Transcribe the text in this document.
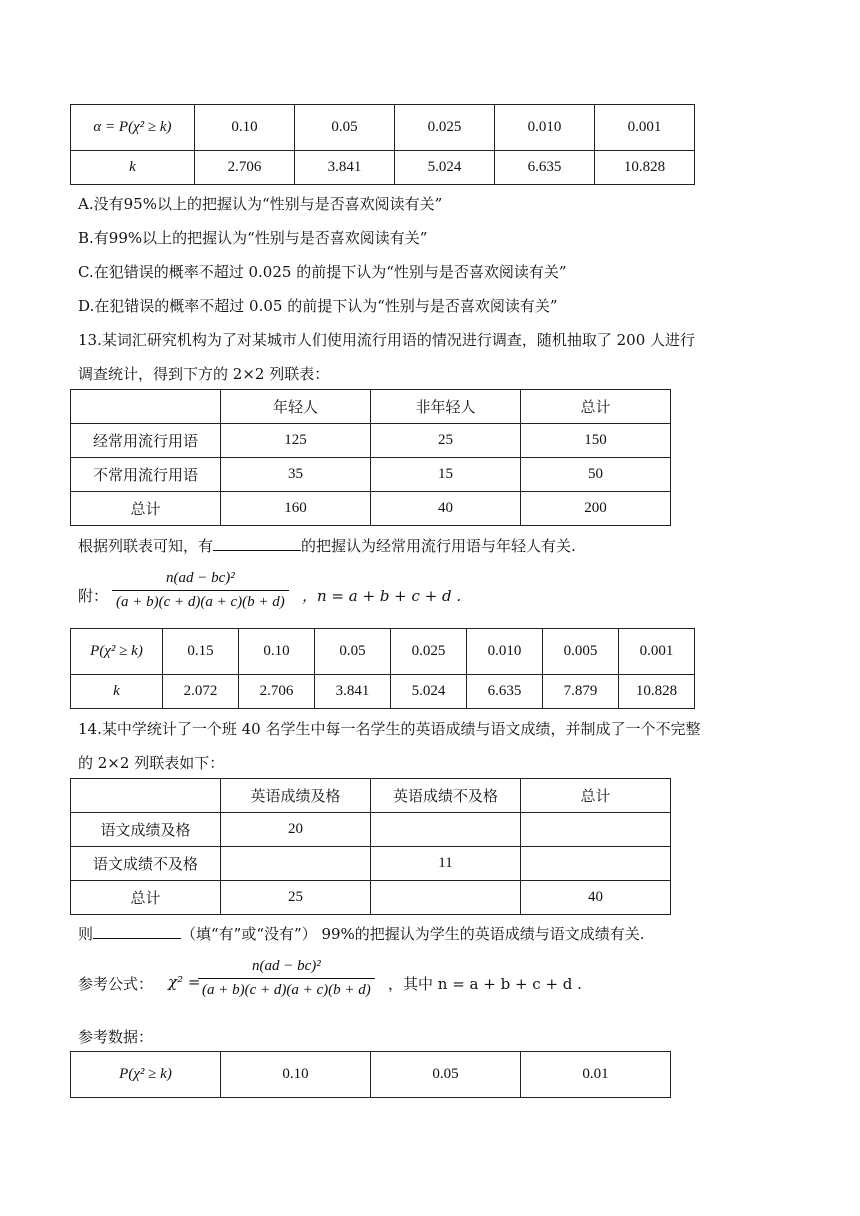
α = P(χ² ≥ k)	0.10	0.05	0.025	0.010	0.001
k	2.706	3.841	5.024	6.635	10.828
A.没有95%以上的把握认为“性别与是否喜欢阅读有关”
B.有99%以上的把握认为“性别与是否喜欢阅读有关”
C.在犯错误的概率不超过 0.025 的前提下认为“性别与是否喜欢阅读有关”
D.在犯错误的概率不超过 0.05 的前提下认为“性别与是否喜欢阅读有关”
13.某词汇研究机构为了对某城市人们使用流行用语的情况进行调查，随机抽取了 200 人进行
调查统计，得到下方的 2×2 列联表：
	年轻人	非年轻人	总计
经常用流行用语	125	25	150
不常用流行用语	35	15	50
总计	160	40	200
根据列联表可知，有	的把握认为经常用流行用语与年轻人有关.
附： $\frac{\text{n(ad − bc)²}}{(a + b)(c + d)(a + c)(b + d)}$ ，n = a + b + c + d .
P(χ² ≥ k)	0.15	0.10	0.05	0.025	0.010	0.005	0.001
k	2.072	2.706	3.841	5.024	6.635	7.879	10.828
14.某中学统计了一个班 40 名学生中每一名学生的英语成绩与语文成绩，并制成了一个不完整
的 2×2 列联表如下：
	英语成绩及格	英语成绩不及格	总计
语文成绩及格	20		
语文成绩不及格		11	
总计	25		40
则	（填“有”或“没有”） 99%的把握认为学生的英语成绩与语文成绩有关.
参考公式： χ² =
$\frac{\text{n(ad − bc)²}}{(a + b)(c + d)(a + c)(b + d)}$ ，其中 n = a + b + c + d .
参考数据：
P(χ² ≥ k)	0.10	0.05	0.01
